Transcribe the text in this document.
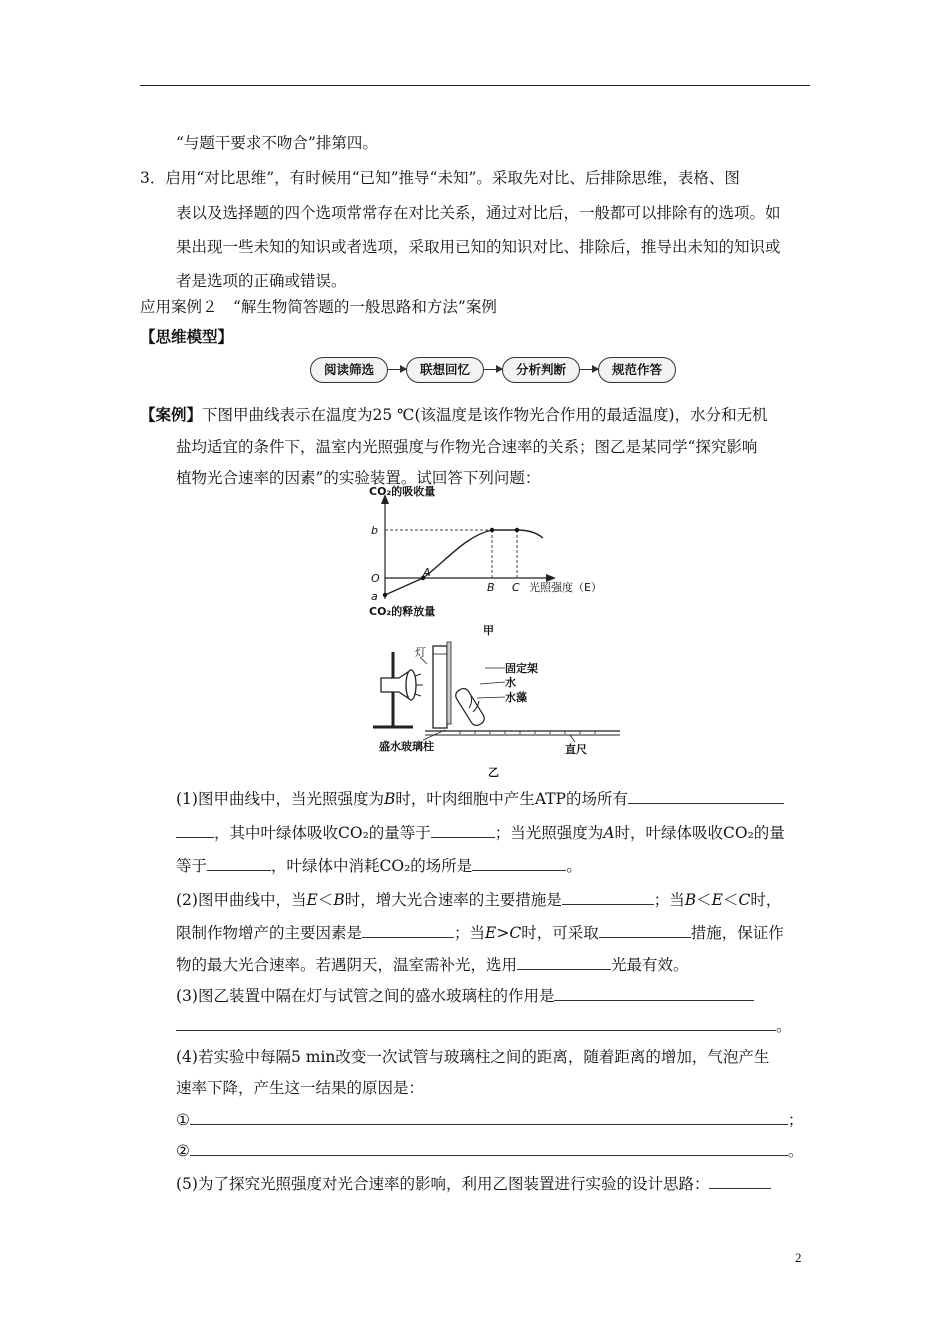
“与题干要求不吻合”排第四。
3．启用“对比思维”，有时候用“已知”推导“未知”。采取先对比、后排除思维，表格、图
表以及选择题的四个选项常常存在对比关系，通过对比后，一般都可以排除有的选项。如
果出现一些未知的知识或者选项，采取用已知的知识对比、排除后，推导出未知的知识或
者是选项的正确或错误。
应用案例２　“解生物简答题的一般思路和方法”案例
【思维模型】
阅读筛选	联想回忆	分析判断	规范作答
【案例】 下图甲曲线表示在温度为25 ℃(该温度是该作物光合作用的最适温度)，水分和无机
盐均适宜的条件下，温室内光照强度与作物光合速率的关系；图乙是某同学“探究影响
植物光合速率的因素”的实验装置。试回答下列问题：
CO₂的吸收量
b
O
a
A
B C 光照强度（E）
CO₂的释放量
甲
灯
固定架
水
水藻
盛水玻璃柱	直尺
乙
(1)图甲曲线中，当光照强度为B时，叶肉细胞中产生ATP的场所有
，其中叶绿体吸收CO₂的量等于	；当光照强度为A时，叶绿体吸收CO₂的量
等于	，叶绿体中消耗CO₂的场所是	。
(2)图甲曲线中，当E＜B时，增大光合速率的主要措施是	；当B＜E＜C时，
限制作物增产的主要因素是	；当E>C时，可采取	措施，保证作
物的最大光合速率。若遇阴天，温室需补光，选用	光最有效。
(3)图乙装置中隔在灯与试管之间的盛水玻璃柱的作用是
。
(4)若实验中每隔5 min改变一次试管与玻璃柱之间的距离，随着距离的增加，气泡产生
速率下降，产生这一结果的原因是：
①	；
②	。
(5)为了探究光照强度对光合速率的影响，利用乙图装置进行实验的设计思路：
2
